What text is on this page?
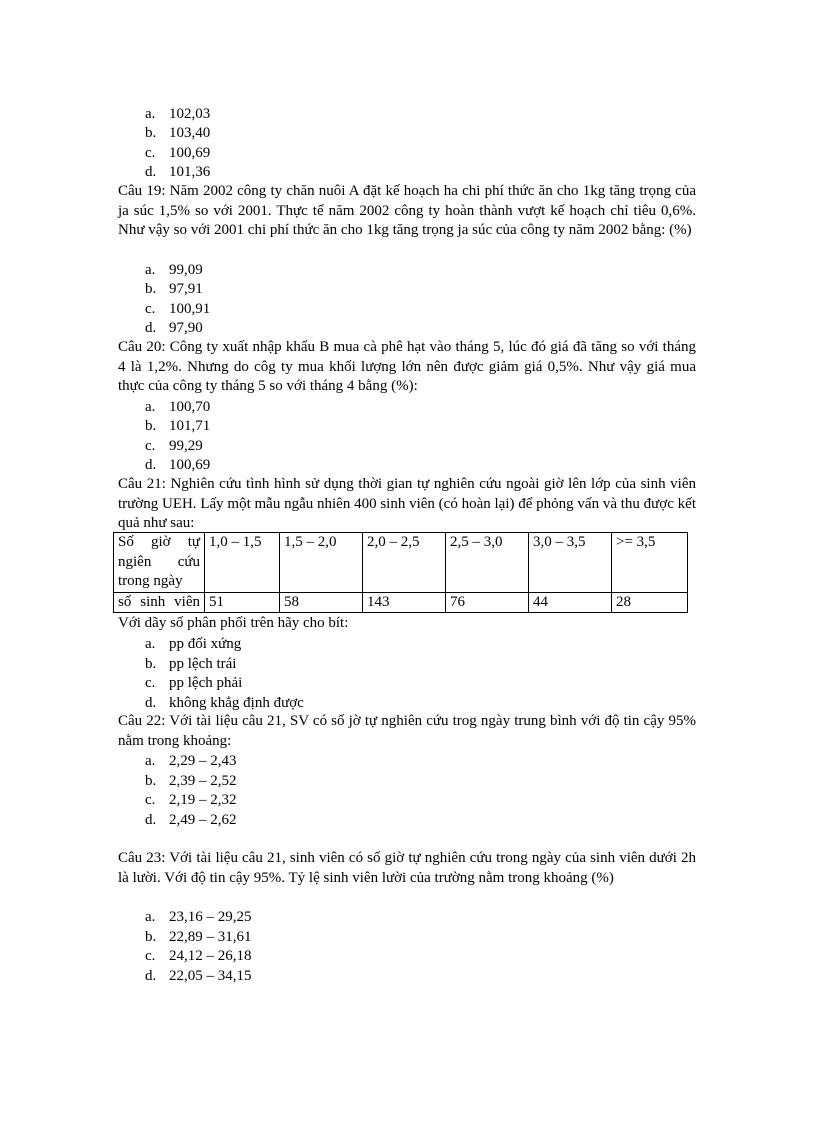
a. 102,03
b. 103,40
c. 100,69
d. 101,36
Câu 19: Năm 2002 công ty chăn nuôi A đặt kế hoạch ha chi phí thức ăn cho 1kg tăng trọng của ja súc 1,5% so với 2001. Thực tế năm 2002 công ty hoàn thành vượt kế hoạch chỉ tiêu 0,6%. Như vậy so với 2001 chi phí thức ăn cho 1kg tăng trọng ja súc của công ty năm 2002 bằng: (%)
a. 99,09
b. 97,91
c. 100,91
d. 97,90
Câu 20: Công ty xuất nhập khẩu B mua cà phê hạt vào tháng 5, lúc đó giá đã tăng so với tháng 4 là 1,2%. Nhưng do côg ty mua khối lượng lớn nên được giảm giá 0,5%. Như vậy giá mua thực của công ty tháng 5 so với tháng 4 bằng (%):
a. 100,70
b. 101,71
c. 99,29
d. 100,69
Câu 21: Nghiên cứu tình hình sử dụng thời gian tự nghiên cứu ngoài giờ lên lớp của sinh viên trường UEH. Lấy một mẫu ngẫu nhiên 400 sinh viên (có hoàn lại) để phỏng vấn và thu được kết quả như sau:
Số giờ tự
ngiên cứu
trong ngày	1,0 – 1,5	1,5 – 2,0	2,0 – 2,5	2,5 – 3,0	3,0 – 3,5	>= 3,5

số sinh viên	51	58	143	76	44	28
Với dãy số phân phối trên hãy cho bít:
a. pp đối xứng
b. pp lệch trái
c. pp lệch phải
d. không khẳg định được
Câu 22: Với tài liệu câu 21, SV có số jờ tự nghiên cứu trog ngày trung bình với độ tin cậy 95% nằm trong khoảng:
a. 2,29 – 2,43
b. 2,39 – 2,52
c. 2,19 – 2,32
d. 2,49 – 2,62
Câu 23: Với tài liệu câu 21, sinh viên có số giờ tự nghiên cứu trong ngày của sinh viên dưới 2h là lười. Với độ tin cậy 95%. Tỷ lệ sinh viên lười của trường nằm trong khoảng (%)
a. 23,16 – 29,25
b. 22,89 – 31,61
c. 24,12 – 26,18
d. 22,05 – 34,15
